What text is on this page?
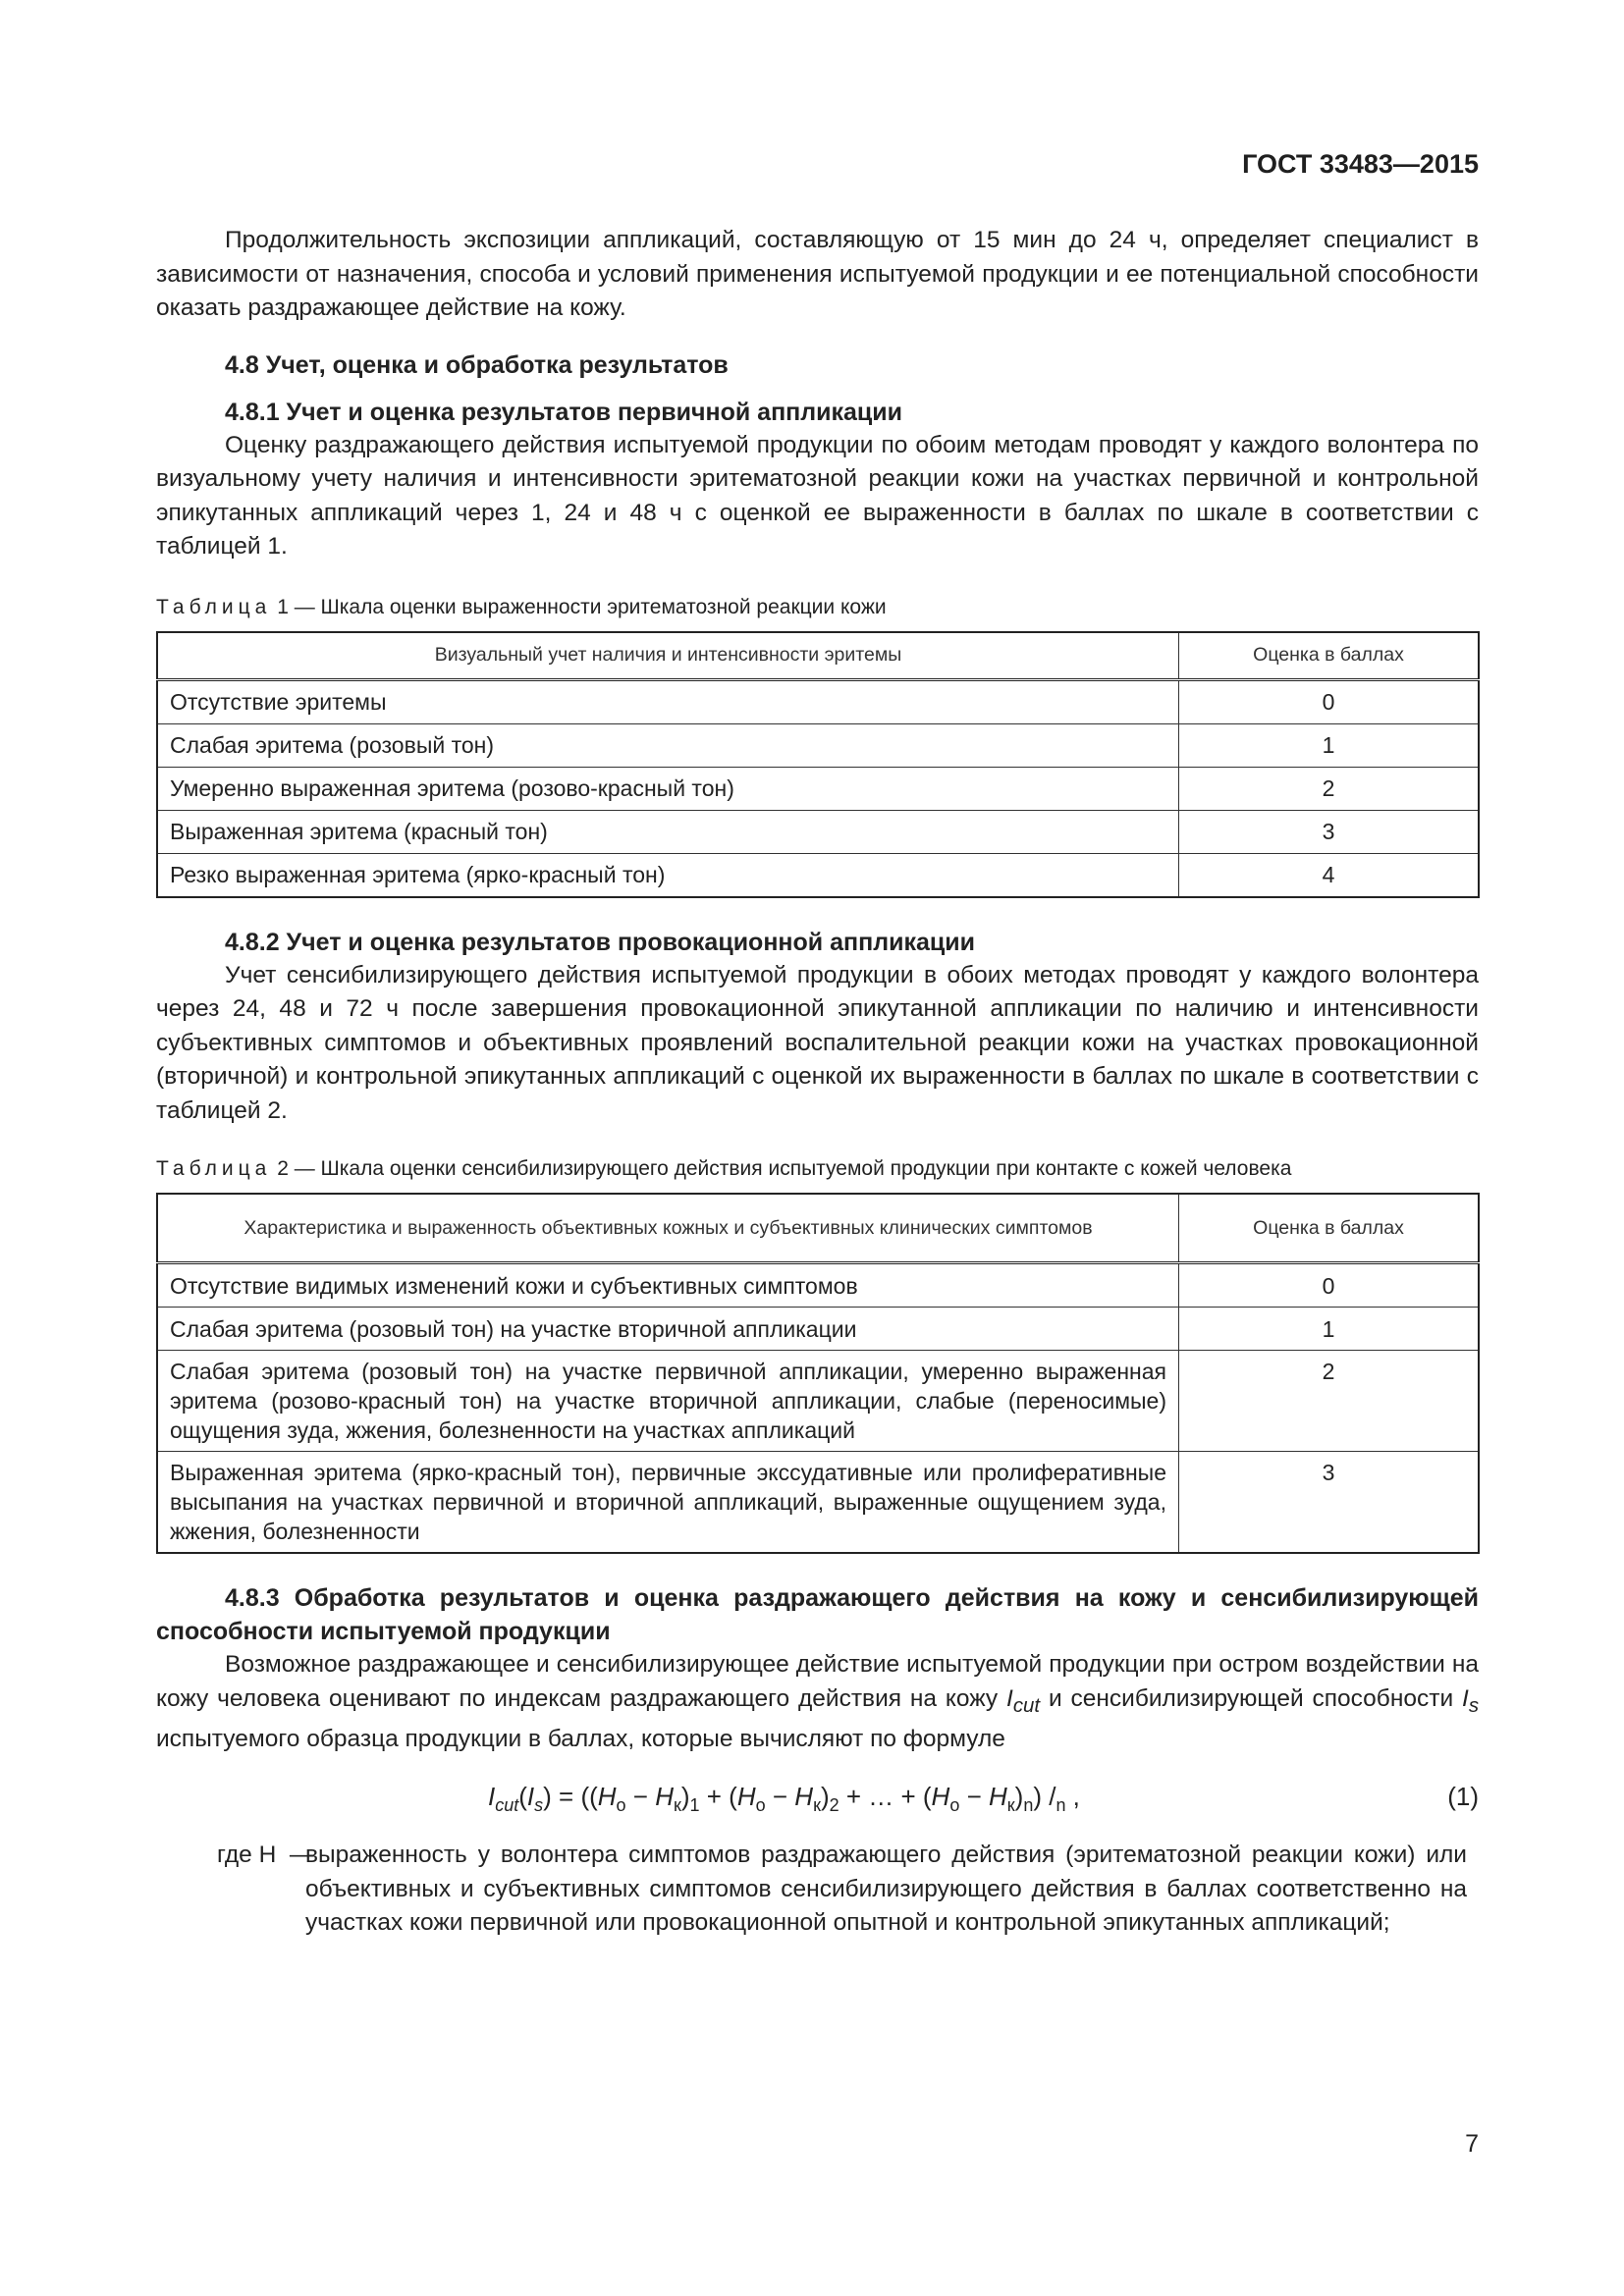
ГОСТ 33483—2015

Продолжительность экспозиции аппликаций, составляющую от 15 мин до 24 ч, определяет специалист в зависимости от назначения, способа и условий применения испытуемой продукции и ее потенциальной способности оказать раздражающее действие на кожу.

4.8 Учет, оценка и обработка результатов
4.8.1 Учет и оценка результатов первичной аппликации

Оценку раздражающего действия испытуемой продукции по обоим методам проводят у каждого волонтера по визуальному учету наличия и интенсивности эритематозной реакции кожи на участках первичной и контрольной эпикутанных аппликаций через 1, 24 и 48 ч с оценкой ее выраженности в баллах по шкале в соответствии с таблицей 1.

Таблица 1 — Шкала оценки выраженности эритематозной реакции кожи
Визуальный учет наличия и интенсивности эритемы	Оценка в баллах
Отсутствие эритемы	0
Слабая эритема (розовый тон)	1
Умеренно выраженная эритема (розово-красный тон)	2
Выраженная эритема (красный тон)	3
Резко выраженная эритема (ярко-красный тон)	4
4.8.2 Учет и оценка результатов провокационной аппликации

Учет сенсибилизирующего действия испытуемой продукции в обоих методах проводят у каждого волонтера через 24, 48 и 72 ч после завершения провокационной эпикутанной аппликации по наличию и интенсивности субъективных симптомов и объективных проявлений воспалительной реакции кожи на участках провокационной (вторичной) и контрольной эпикутанных аппликаций с оценкой их выраженности в баллах по шкале в соответствии с таблицей 2.

Таблица 2 — Шкала оценки сенсибилизирующего действия испытуемой продукции при контакте с кожей человека
Характеристика и выраженность объективных кожных и субъективных клинических симптомов	Оценка в баллах
Отсутствие видимых изменений кожи и субъективных симптомов	0
Слабая эритема (розовый тон) на участке вторичной аппликации	1
Слабая эритема (розовый тон) на участке первичной аппликации, умеренно выраженная эритема (розово-красный тон) на участке вторичной аппликации, слабые (переносимые) ощущения зуда, жжения, болезненности на участках аппликаций	2
Выраженная эритема (ярко-красный тон), первичные экссудативные или пролиферативные высыпания на участках первичной и вторичной аппликаций, выраженные ощущением зуда, жжения, болезненности	3
4.8.3 Обработка результатов и оценка раздражающего действия на кожу и сенсибилизирующей способности испытуемой продукции

Возможное раздражающее и сенсибилизирующее действие испытуемой продукции при остром воздействии на кожу человека оценивают по индексам раздражающего действия на кожу $I_{cut}$ и сенсибилизирующей способности $I_s$ испытуемого образца продукции в баллах, которые вычисляют по формуле

$I_{cut}(I_s) = ((H_о - H_к)_1 + (H_о - H_к)_2$ + … + $(H_о - H_к)_n$) $/_n$ ,	(1)
где H  —
выраженность у волонтера симптомов раздражающего действия (эритематозной реакции кожи) или объективных и субъективных симптомов сенсибилизирующего действия в баллах соответственно на участках кожи первичной или провокационной опытной и контрольной эпикутанных аппликаций;
7
